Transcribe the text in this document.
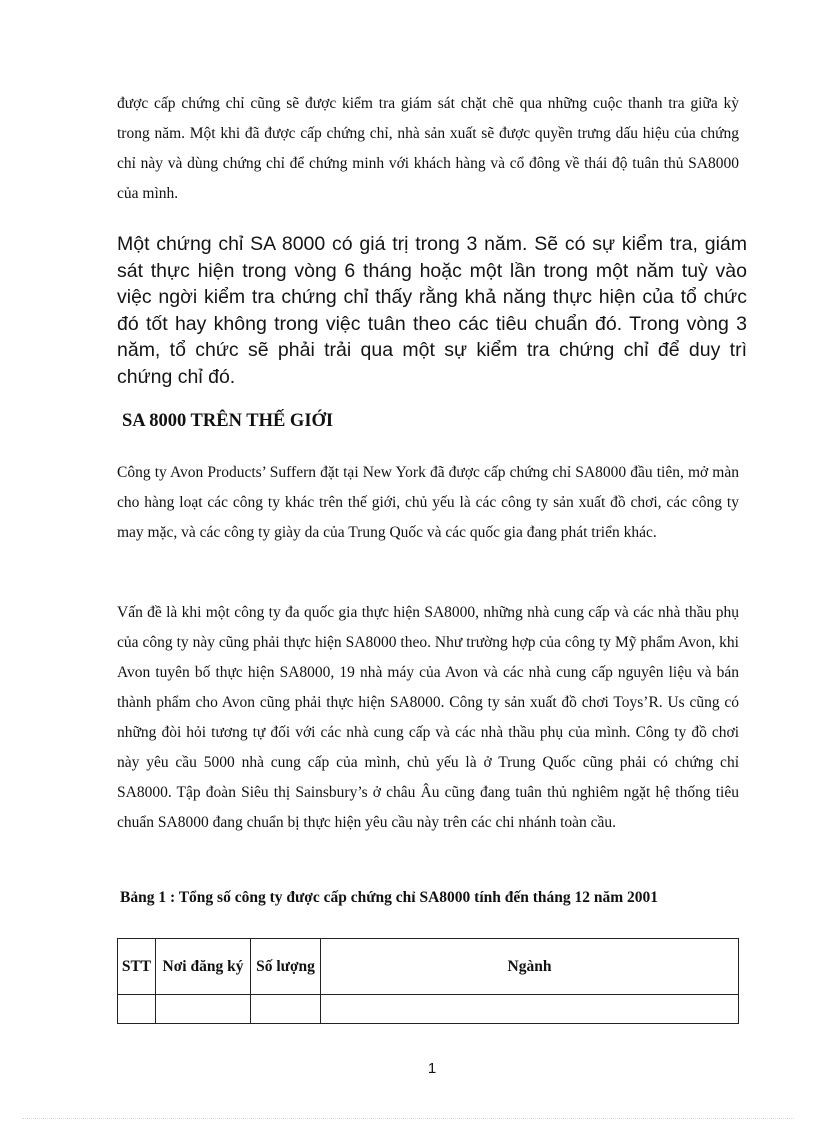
được cấp chứng chỉ cũng sẽ được kiểm tra giám sát chặt chẽ qua những cuộc thanh tra giữa kỳ trong năm. Một khi đã được cấp chứng chỉ, nhà sản xuất sẽ được quyền trưng dấu hiệu của chứng chỉ này và dùng chứng chỉ để chứng minh với khách hàng và cổ đông về thái độ tuân thủ SA8000 của mình.

Một chứng chỉ SA 8000 có giá trị trong 3 năm. Sẽ có sự kiểm tra, giám sát thực hiện trong vòng 6 tháng hoặc một lần trong một năm tuỳ vào việc ngời kiểm tra chứng chỉ thấy rằng khả năng thực hiện của tổ chức đó tốt hay không trong việc tuân theo các tiêu chuẩn đó. Trong vòng 3 năm, tổ chức sẽ phải trải qua một sự kiểm tra chứng chỉ để duy trì chứng chỉ đó.

SA 8000 TRÊN THẾ GIỚI

Công ty Avon Products’ Suffern đặt tại New York đã được cấp chứng chỉ SA8000 đầu tiên, mở màn cho hàng loạt các công ty khác trên thế giới, chủ yếu là các công ty sản xuất đồ chơi, các công ty may mặc, và các công ty giày da của Trung Quốc và các quốc gia đang phát triển khác.

Vấn đề là khi một công ty đa quốc gia thực hiện SA8000, những nhà cung cấp và các nhà thầu phụ của công ty này cũng phải thực hiện SA8000 theo. Như trường hợp của công ty Mỹ phẩm Avon, khi Avon tuyên bố thực hiện SA8000, 19 nhà máy của Avon và các nhà cung cấp nguyên liệu và bán thành phẩm cho Avon cũng phải thực hiện SA8000. Công ty sản xuất đồ chơi Toys’R. Us cũng có những đòi hỏi tương tự đối với các nhà cung cấp và các nhà thầu phụ của mình. Công ty đồ chơi này yêu cầu 5000 nhà cung cấp của mình, chủ yếu là ở Trung Quốc cũng phải có chứng chỉ SA8000. Tập đoàn Siêu thị Sainsbury’s ở châu Âu cũng đang tuân thủ nghiêm ngặt hệ thống tiêu chuẩn SA8000 đang chuẩn bị thực hiện yêu cầu này trên các chi nhánh toàn cầu.

Bảng 1 : Tổng số công ty được cấp chứng chỉ SA8000 tính đến tháng 12 năm 2001

STT	Nơi đăng ký	Số lượng	Ngành

1
